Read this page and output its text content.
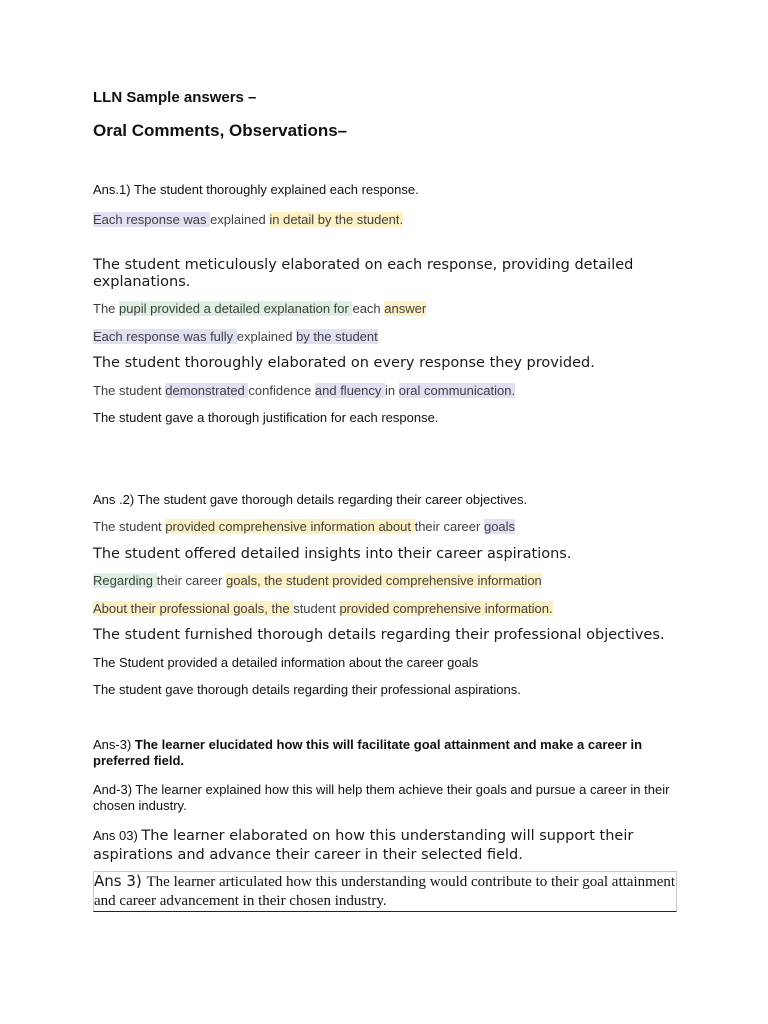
LLN Sample answers –
Oral Comments, Observations–
Ans.1) The student thoroughly explained each response.
Each response was explained in detail by the student.
The student meticulously elaborated on each response, providing detailed explanations.
The pupil provided a detailed explanation for each answer
Each response was fully explained by the student
The student thoroughly elaborated on every response they provided.
The student demonstrated confidence and fluency in oral communication.
The student gave a thorough justification for each response.
Ans .2) The student gave thorough details regarding their career objectives.
The student provided comprehensive information about their career goals
The student offered detailed insights into their career aspirations.
Regarding their career goals, the student provided comprehensive information
About their professional goals, the student provided comprehensive information.
The student furnished thorough details regarding their professional objectives.
The Student provided a detailed information about the career goals
The student gave thorough details regarding their professional aspirations.
Ans-3) The learner elucidated how this will facilitate goal attainment and make a career in preferred field.
And-3) The learner explained how this will help them achieve their goals and pursue a career in their chosen industry.
Ans 03) The learner elaborated on how this understanding will support their aspirations and advance their career in their selected field.
Ans 3) The learner articulated how this understanding would contribute to their goal attainment and career advancement in their chosen industry.
